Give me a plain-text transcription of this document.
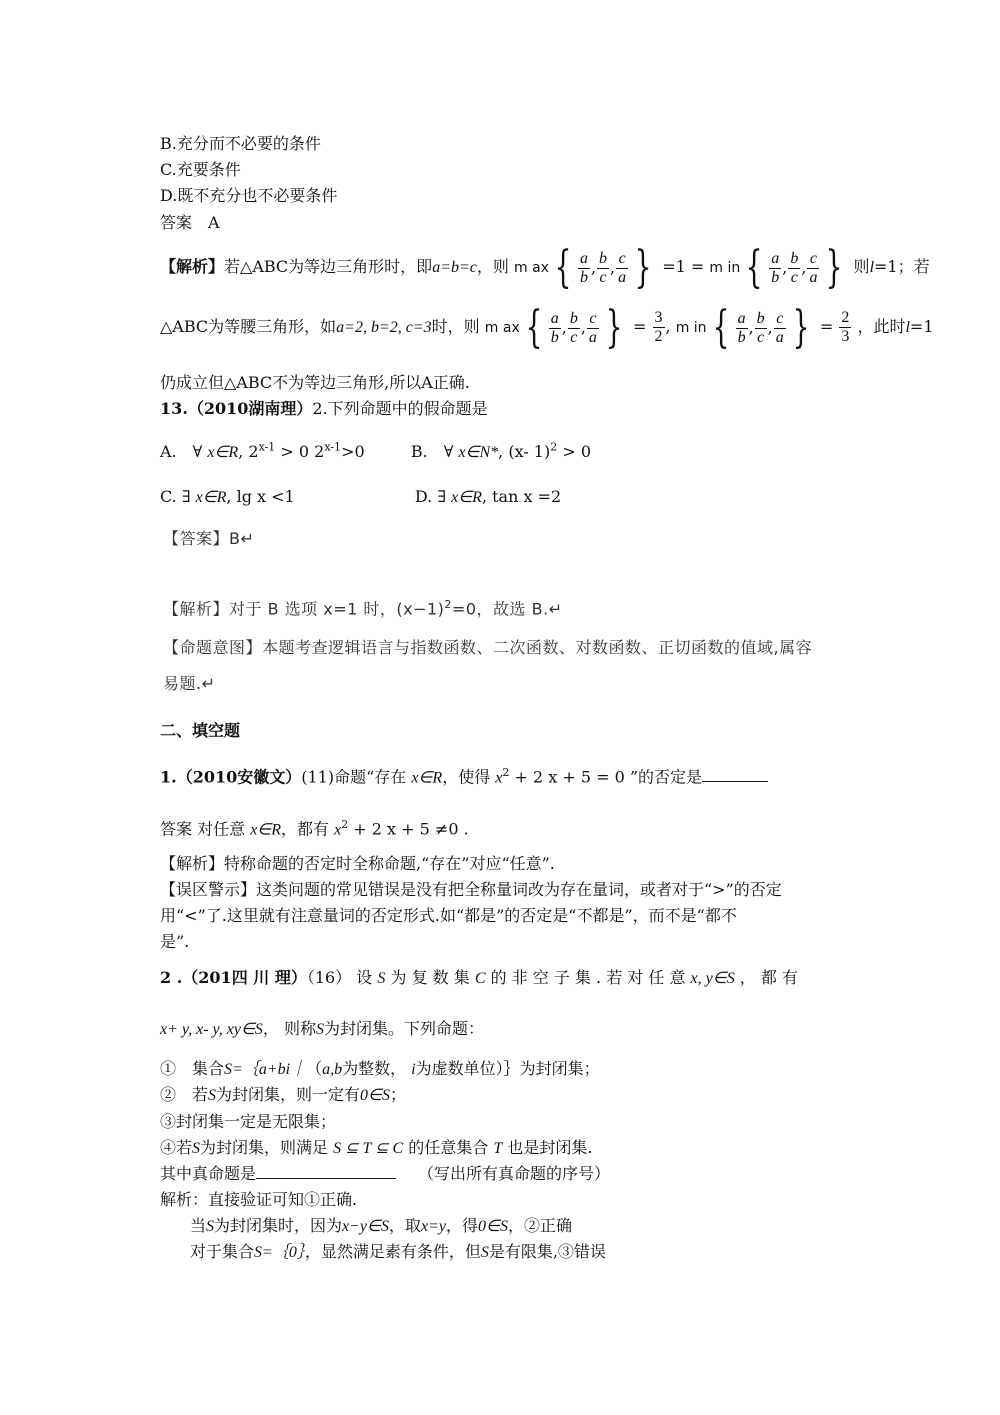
B.充分而不必要的条件
C.充要条件
D.既不充分也不必要条件
答案　A
【解析】若△ABC为等边三角形时，即a=b=c，则 m ax { $\frac{a}{b}$ , $\frac{b}{c}$ , $\frac{c}{a}$ } =1 = m in { $\frac{a}{b}$ , $\frac{b}{c}$ , $\frac{c}{a}$ } 则l=1；若
△ABC为等腰三角形，如a=2, b=2, c=3时，则 m ax { $\frac{a}{b}$ , $\frac{b}{c}$ , $\frac{c}{a}$ } = $\frac{3}{2}$ , m in { $\frac{a}{b}$ , $\frac{b}{c}$ , $\frac{c}{a}$ } = $\frac{2}{3}$ ，此时l=1
仍成立但△ABC不为等边三角形,所以A正确.
13.（2010湖南理）2.下列命题中的假命题是
A.　∀ x∈R, $2^{x-1} > 0$ $2^{x-1}>0$	B.　∀ x∈N*, (x- 1)$^2$ > 0
C. ∃ x∈R, lg x <1	D. ∃ x∈R, tan x =2
【答案】B↵
【解析】对于 B 选项 x=1 时，$(x-1)^2=0$，故选 B.↵
【命题意图】本题考查逻辑语言与指数函数、二次函数、对数函数、正切函数的值域,属容
易题.↵
二、填空题
1.（2010安徽文）(11)命题“存在 x∈R，使得 $x^2 + 2$ x + 5 = 0 ”的否定是
答案 对任意 x∈R，都有 $x^2 + 2$ x + 5 ≠0 .
【解析】特称命题的否定时全称命题,“存在”对应“任意”.
【误区警示】这类问题的常见错误是没有把全称量词改为存在量词，或者对于“>”的否定
用“<”了.这里就有注意量词的否定形式.如“都是”的否定是“不都是”，而不是“都不
是”.
2 .（201四 川 理）（16） 设 S 为 复 数 集 C 的 非 空 子 集 . 若 对 任 意 x, y∈S ， 都 有
x+ y, x- y, xy∈S， 则称S为封闭集。下列命题：
①　集合S=｛a+bi｜（a,b为整数， i为虚数单位）｝为封闭集；
②　若S为封闭集，则一定有0∈S；
③封闭集一定是无限集；
④若S为封闭集，则满足 S ⊆ T ⊆ C 的任意集合 T 也是封闭集.
其中真命题是	（写出所有真命题的序号）
解析：直接验证可知①正确.
当S为封闭集时，因为x−y∈S，取x=y，得0∈S，②正确
对于集合S=｛0｝，显然满足素有条件，但S是有限集,③错误
